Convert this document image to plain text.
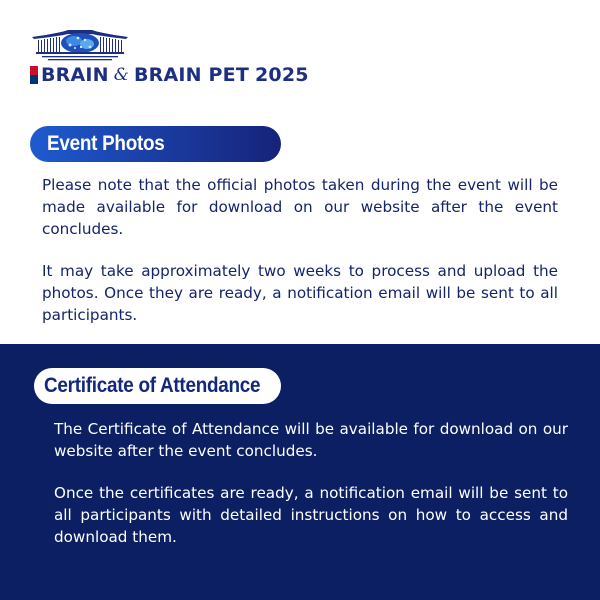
BRAIN & BRAIN PET 2025
Event Photos

Please note that the official photos taken during the event will be made available for download on our website after the event concludes.

It may take approximately two weeks to process and upload the photos. Once they are ready, a notification email will be sent to all participants.

Certificate of Attendance

The Certificate of Attendance will be available for download on our website after the event concludes.

Once the certificates are ready, a notification email will be sent to all participants with detailed instructions on how to access and download them.
